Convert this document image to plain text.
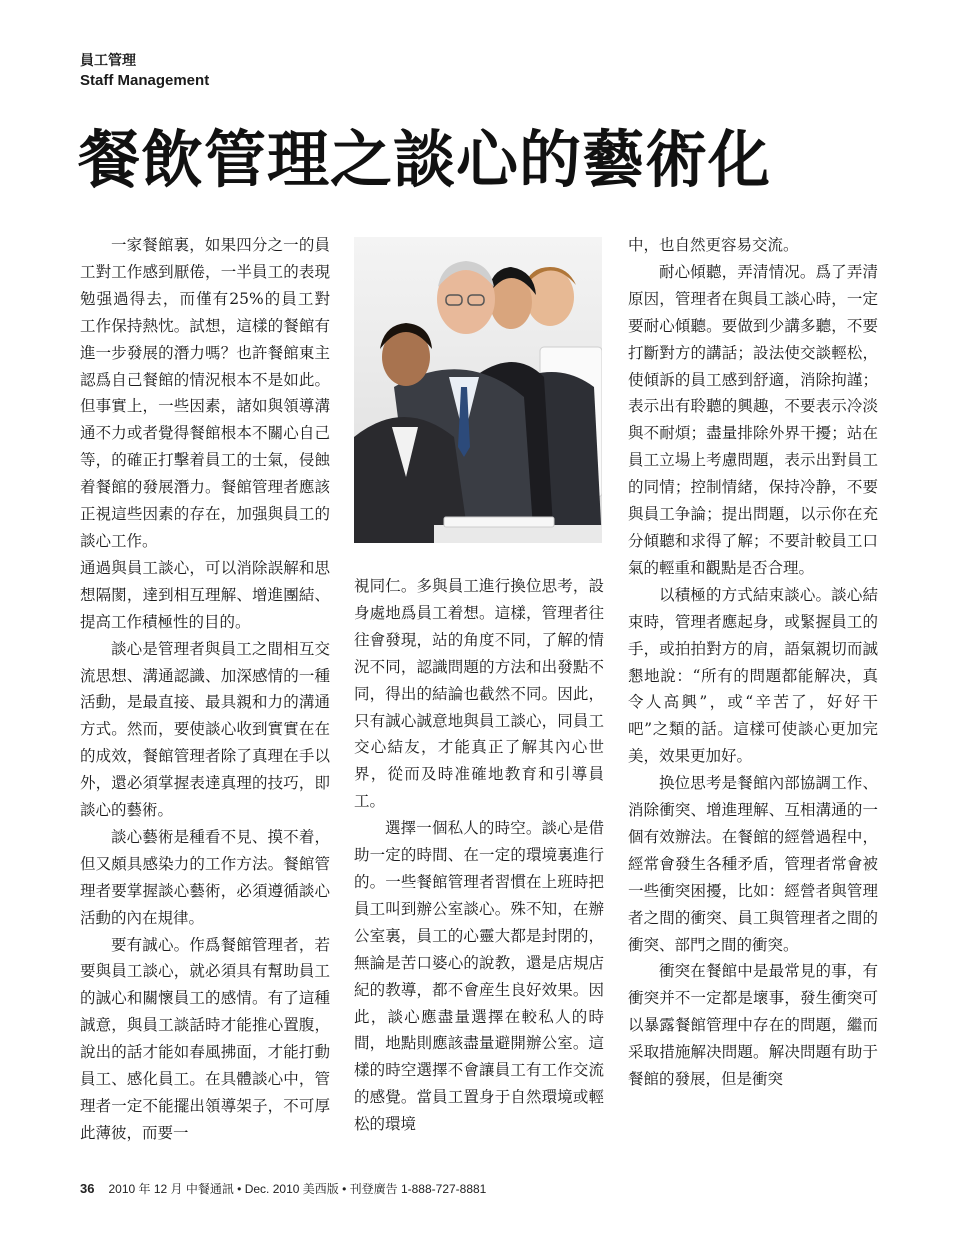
員工管理
Staff Management
餐飲管理之談心的藝術化

一家餐館裏，如果四分之一的員工對工作感到厭倦，一半員工的表現勉强過得去，而僅有25%的員工對工作保持熱忱。試想，這樣的餐館有進一步發展的潛力嗎？也許餐館東主認爲自己餐館的情況根本不是如此。但事實上，一些因素，諸如與領導溝通不力或者覺得餐館根本不關心自己等，的確正打擊着員工的士氣，侵蝕着餐館的發展潛力。餐館管理者應該正視這些因素的存在，加强與員工的談心工作。

通過與員工談心，可以消除誤解和思想隔閡，達到相互理解、增進團結、提高工作積極性的目的。

談心是管理者與員工之間相互交流思想、溝通認識、加深感情的一種活動，是最直接、最具親和力的溝通方式。然而，要使談心收到實實在在的成效，餐館管理者除了真理在手以外，還必須掌握表達真理的技巧，即談心的藝術。

談心藝術是種看不見、摸不着，但又頗具感染力的工作方法。餐館管理者要掌握談心藝術，必須遵循談心活動的內在規律。

要有誠心。作爲餐館管理者，若要與員工談心，就必須具有幫助員工的誠心和關懷員工的感情。有了這種誠意，與員工談話時才能推心置腹，說出的話才能如春風拂面，才能打動員工、感化員工。在具體談心中，管理者一定不能擺出領導架子，不可厚此薄彼，而要一

視同仁。多與員工進行換位思考，設身處地爲員工着想。這樣，管理者往往會發現，站的角度不同，了解的情況不同，認識問題的方法和出發點不同，得出的結論也截然不同。因此，只有誠心誠意地與員工談心，同員工交心結友，才能真正了解其內心世界，從而及時准確地教育和引導員工。

選擇一個私人的時空。談心是借助一定的時間、在一定的環境裏進行的。一些餐館管理者習慣在上班時把員工叫到辦公室談心。殊不知，在辦公室裏，員工的心靈大都是封閉的，無論是苦口婆心的說教，還是店規店紀的教導，都不會産生良好效果。因此，談心應盡量選擇在較私人的時間，地點則應該盡量避開辦公室。這樣的時空選擇不會讓員工有工作交流的感覺。當員工置身于自然環境或輕松的環境

中，也自然更容易交流。

耐心傾聽，弄清情况。爲了弄清原因，管理者在與員工談心時，一定要耐心傾聽。要做到少講多聽，不要打斷對方的講話；設法使交談輕松，使傾訴的員工感到舒適，消除拘謹；表示出有聆聽的興趣，不要表示冷淡與不耐煩；盡量排除外界干擾；站在員工立場上考慮問題，表示出對員工的同情；控制情緒，保持冷静，不要與員工争論；提出問題，以示你在充分傾聽和求得了解；不要計較員工口氣的輕重和觀點是否合理。

以積極的方式結束談心。談心結束時，管理者應起身，或緊握員工的手，或拍拍對方的肩，語氣親切而誠懇地說：“所有的問題都能解决，真令人高興”，或“辛苦了，好好干吧”之類的話。這樣可使談心更加完美，效果更加好。

换位思考是餐館內部協調工作、消除衝突、增進理解、互相溝通的一個有效辦法。在餐館的經營過程中，經常會發生各種矛盾，管理者常會被一些衝突困擾，比如：經營者與管理者之間的衝突、員工與管理者之間的衝突、部門之間的衝突。

衝突在餐館中是最常見的事，有衝突并不一定都是壞事，發生衝突可以暴露餐館管理中存在的問題，繼而采取措施解决問題。解决問題有助于餐館的發展，但是衝突

36 2010 年 12 月 中餐通訊 • Dec. 2010 美西版 • 刊登廣告 1-888-727-8881
